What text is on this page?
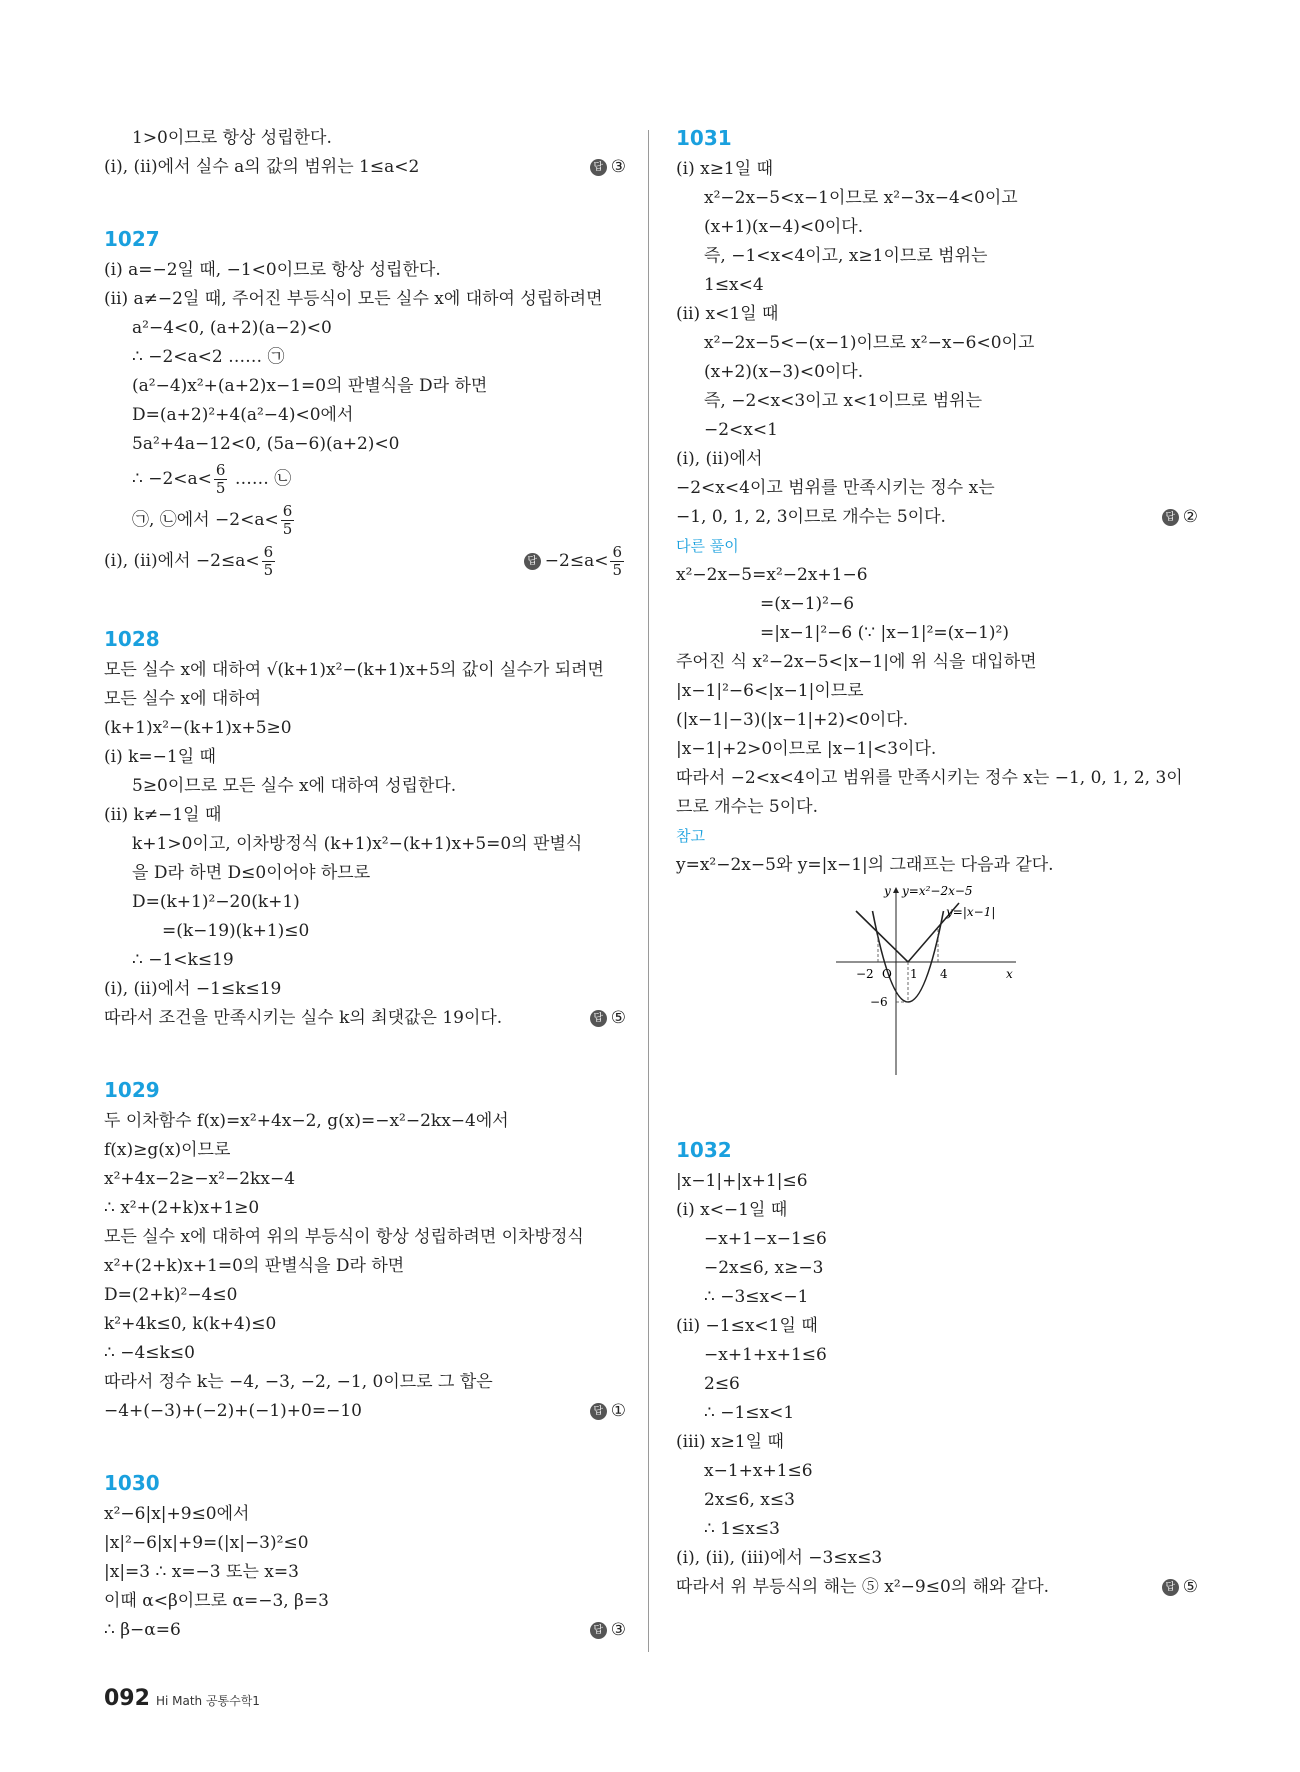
1>0이므로 항상 성립한다.
(ⅰ), (ⅱ)에서 실수 a의 값의 범위는 1≤a<2	답 ③
1027
(ⅰ) a=−2일 때, −1<0이므로 항상 성립한다.
(ⅱ) a≠−2일 때, 주어진 부등식이 모든 실수 x에 대하여 성립하려면
a²−4<0, (a+2)(a−2)<0
∴ −2<a<2 …… ㉠
(a²−4)x²+(a+2)x−1=0의 판별식을 D라 하면
D=(a+2)²+4(a²−4)<0에서
5a²+4a−12<0, (5a−6)(a+2)<0
∴ $-2<a< \frac{6}{5}$ …… ㉡
㉠, ㉡에서 $-2<a< \frac{6}{5}$
(ⅰ), (ⅱ)에서 $-2\le a< \frac{6}{5}$	답 $-2\le a< \frac{6}{5}$
1028
모든 실수 x에 대하여 √(k+1)x²−(k+1)x+5의 값이 실수가 되려면
모든 실수 x에 대하여
(k+1)x²−(k+1)x+5≥0
(ⅰ) k=−1일 때
5≥0이므로 모든 실수 x에 대하여 성립한다.
(ⅱ) k≠−1일 때
k+1>0이고, 이차방정식 (k+1)x²−(k+1)x+5=0의 판별식
을 D라 하면 D≤0이어야 하므로
D=(k+1)²−20(k+1)
=(k−19)(k+1)≤0
∴ −1<k≤19
(ⅰ), (ⅱ)에서 −1≤k≤19
따라서 조건을 만족시키는 실수 k의 최댓값은 19이다.	답 ⑤
1029
두 이차함수 f(x)=x²+4x−2, g(x)=−x²−2kx−4에서
f(x)≥g(x)이므로
x²+4x−2≥−x²−2kx−4
∴ x²+(2+k)x+1≥0
모든 실수 x에 대하여 위의 부등식이 항상 성립하려면 이차방정식
x²+(2+k)x+1=0의 판별식을 D라 하면
D=(2+k)²−4≤0
k²+4k≤0, k(k+4)≤0
∴ −4≤k≤0
따라서 정수 k는 −4, −3, −2, −1, 0이므로 그 합은
−4+(−3)+(−2)+(−1)+0=−10	답 ①
1030
x²−6|x|+9≤0에서
|x|²−6|x|+9=(|x|−3)²≤0
|x|=3 ∴ x=−3 또는 x=3
이때 α<β이므로 α=−3, β=3
∴ β−α=6	답 ③
1031
(ⅰ) x≥1일 때
x²−2x−5<x−1이므로 x²−3x−4<0이고
(x+1)(x−4)<0이다.
즉, −1<x<4이고, x≥1이므로 범위는
1≤x<4
(ⅱ) x<1일 때
x²−2x−5<−(x−1)이므로 x²−x−6<0이고
(x+2)(x−3)<0이다.
즉, −2<x<3이고 x<1이므로 범위는
−2<x<1
(ⅰ), (ⅱ)에서
−2<x<4이고 범위를 만족시키는 정수 x는
−1, 0, 1, 2, 3이므로 개수는 5이다.	답 ②
다른 풀이
x²−2x−5=x²−2x+1−6
=(x−1)²−6
=|x−1|²−6 (∵ |x−1|²=(x−1)²)
주어진 식 x²−2x−5<|x−1|에 위 식을 대입하면
|x−1|²−6<|x−1|이므로
(|x−1|−3)(|x−1|+2)<0이다.
|x−1|+2>0이므로 |x−1|<3이다.
따라서 −2<x<4이고 범위를 만족시키는 정수 x는 −1, 0, 1, 2, 3이
므로 개수는 5이다.
참고
y=x²−2x−5와 y=|x−1|의 그래프는 다음과 같다.
y
x
O
−2	1 4
−6
y=x²−2x−5
y=|x−1|
1032
|x−1|+|x+1|≤6
(ⅰ) x<−1일 때
−x+1−x−1≤6
−2x≤6, x≥−3
∴ −3≤x<−1
(ⅱ) −1≤x<1일 때
−x+1+x+1≤6
2≤6
∴ −1≤x<1
(ⅲ) x≥1일 때
x−1+x+1≤6
2x≤6, x≤3
∴ 1≤x≤3
(ⅰ), (ⅱ), (ⅲ)에서 −3≤x≤3
따라서 위 부등식의 해는 ⑤ x²−9≤0의 해와 같다.	답 ⑤
092 Hi Math 공통수학1
